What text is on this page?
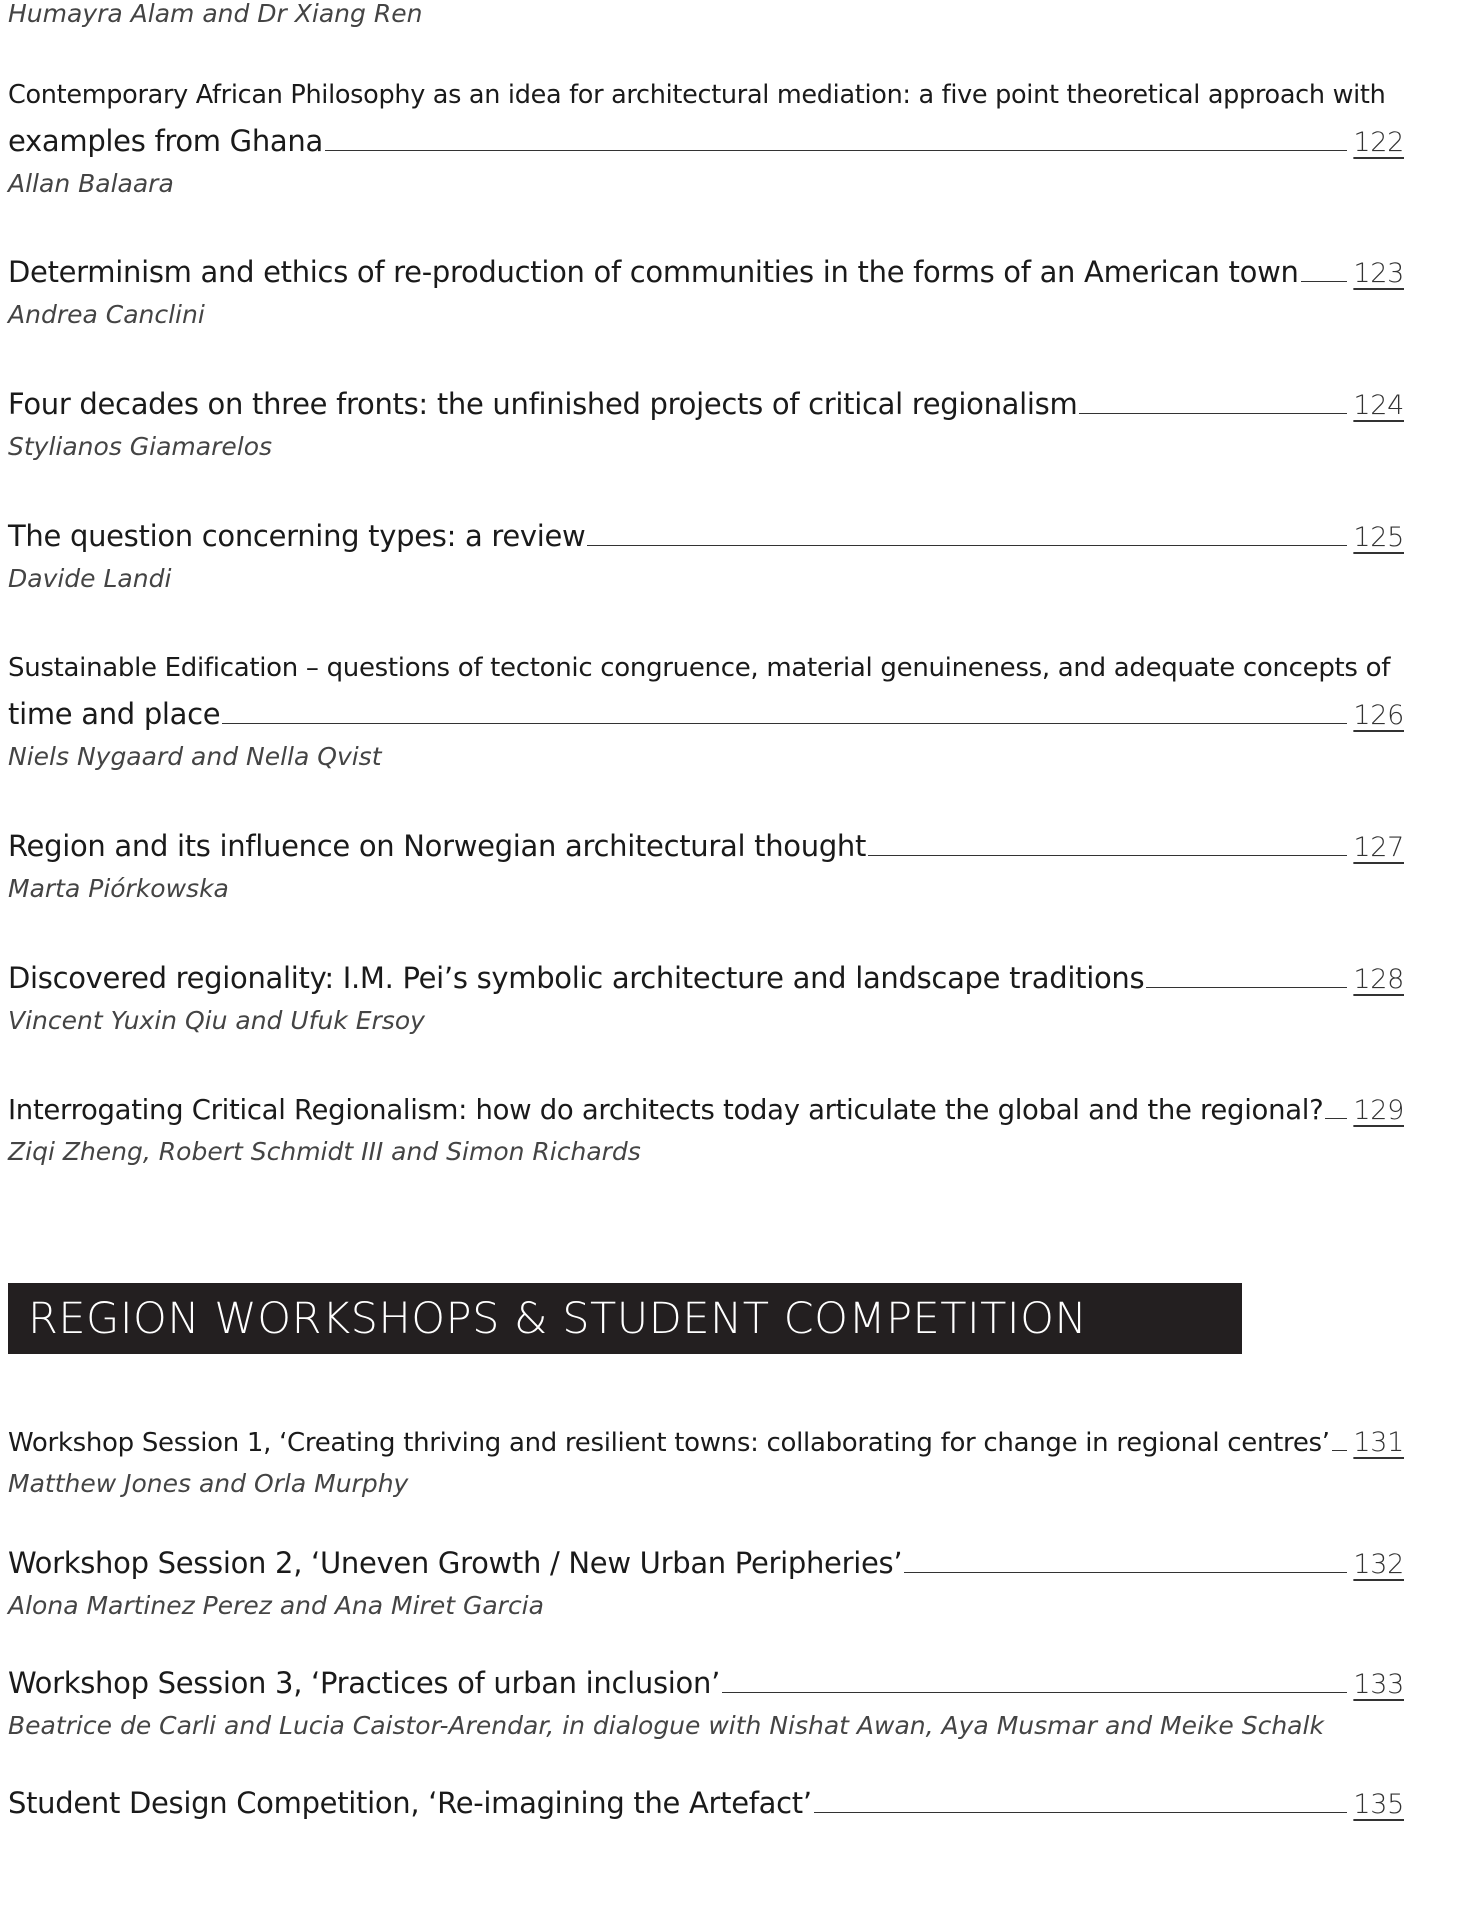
Humayra Alam and Dr Xiang Ren

Contemporary African Philosophy as an idea for architectural mediation: a five point theoretical approach with
examples from Ghana	122

Allan Balaara

Determinism and ethics of re-production of communities in the forms of an American town 123

Andrea Canclini

Four decades on three fronts: the unfinished projects of critical regionalism	124

Stylianos Giamarelos

The question concerning types: a review	125

Davide Landi

Sustainable Edification – questions of tectonic congruence, material genuineness, and adequate concepts of
time and place	126

Niels Nygaard and Nella Qvist

Region and its influence on Norwegian architectural thought	127

Marta Piórkowska

Discovered regionality: I.M. Pei’s symbolic architecture and landscape traditions	128

Vincent Yuxin Qiu and Ufuk Ersoy

Interrogating Critical Regionalism: how do architects today articulate the global and the regional? 129

Ziqi Zheng, Robert Schmidt III and Simon Richards

REGION WORKSHOPS & STUDENT COMPETITION
Workshop Session 1, ‘Creating thriving and resilient towns: collaborating for change in regional centres’ 131

Matthew Jones and Orla Murphy

Workshop Session 2, ‘Uneven Growth / New Urban Peripheries’	132

Alona Martinez Perez and Ana Miret Garcia

Workshop Session 3, ‘Practices of urban inclusion’	133

Beatrice de Carli and Lucia Caistor-Arendar, in dialogue with Nishat Awan, Aya Musmar and Meike Schalk

Student Design Competition, ‘Re-imagining the Artefact’	135
